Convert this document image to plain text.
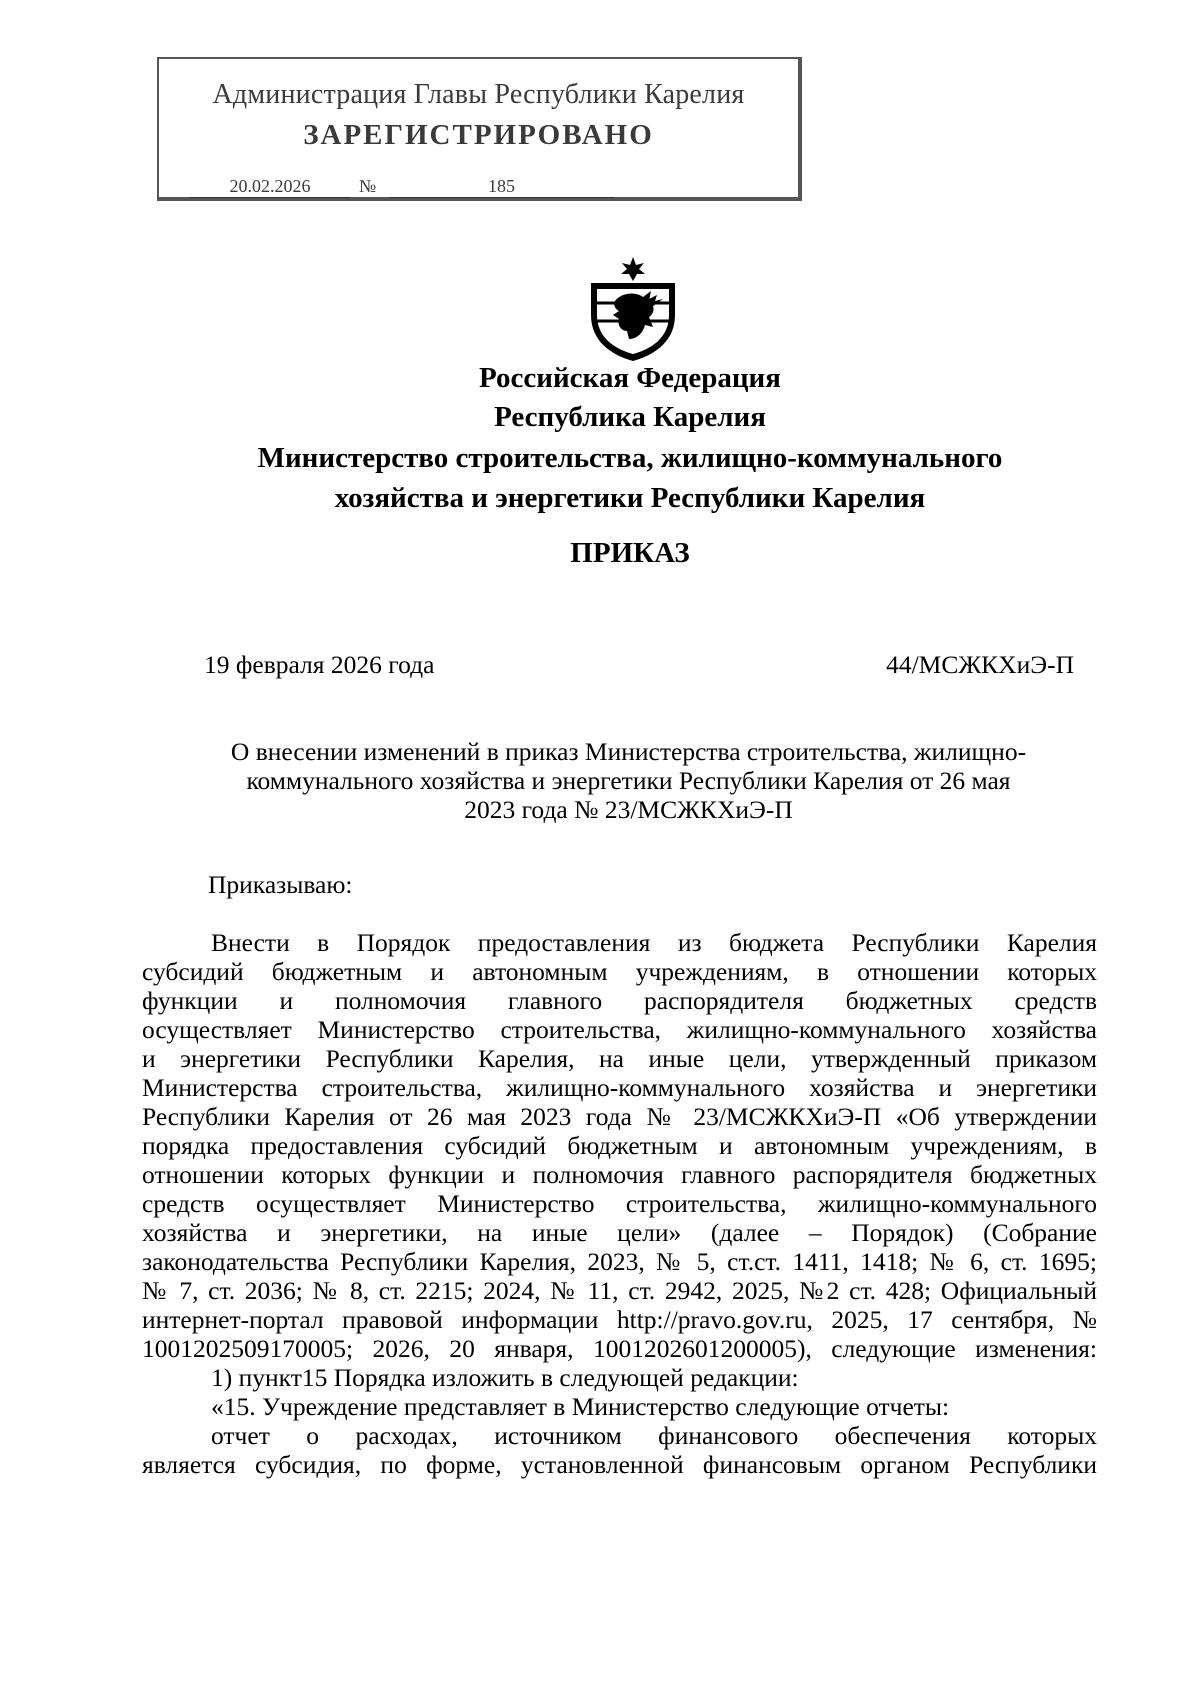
Администрация Главы Республики Карелия
ЗАРЕГИСТРИРОВАНО
20.02.2026	№	185
Российская Федерация
Республика Карелия
Министерство строительства, жилищно-коммунального
хозяйства и энергетики Республики Карелия
ПРИКАЗ
19 февраля 2026 года	44/МСЖКХиЭ-П
О внесении изменений в приказ Министерства строительства, жилищно-
коммунального хозяйства и энергетики Республики Карелия от 26 мая
2023 года № 23/МСЖКХиЭ-П
Приказываю:
Внести в Порядок предоставления из бюджета Республики Карелия
субсидий бюджетным и автономным учреждениям, в отношении которых
функции и полномочия главного распорядителя бюджетных средств
осуществляет Министерство строительства, жилищно-коммунального хозяйства
и энергетики Республики Карелия, на иные цели, утвержденный приказом
Министерства строительства, жилищно-коммунального хозяйства и энергетики
Республики Карелия от 26 мая 2023 года № 23/МСЖКХиЭ-П «Об утверждении
порядка предоставления субсидий бюджетным и автономным учреждениям, в
отношении которых функции и полномочия главного распорядителя бюджетных
средств осуществляет Министерство строительства, жилищно-коммунального
хозяйства и энергетики, на иные цели» (далее – Порядок) (Собрание
законодательства Республики Карелия, 2023, № 5, ст.ст. 1411, 1418; № 6, ст. 1695;
№ 7, ст. 2036; № 8, ст. 2215; 2024, № 11, ст. 2942, 2025, №2 ст. 428; Официальный
интернет-портал правовой информации http://pravo.gov.ru, 2025, 17 сентября, №
1001202509170005; 2026, 20 января, 1001202601200005), следующие изменения:
1) пункт15 Порядка изложить в следующей редакции:
«15. Учреждение представляет в Министерство следующие отчеты:
отчет о расходах, источником финансового обеспечения которых
является субсидия, по форме, установленной финансовым органом Республики
